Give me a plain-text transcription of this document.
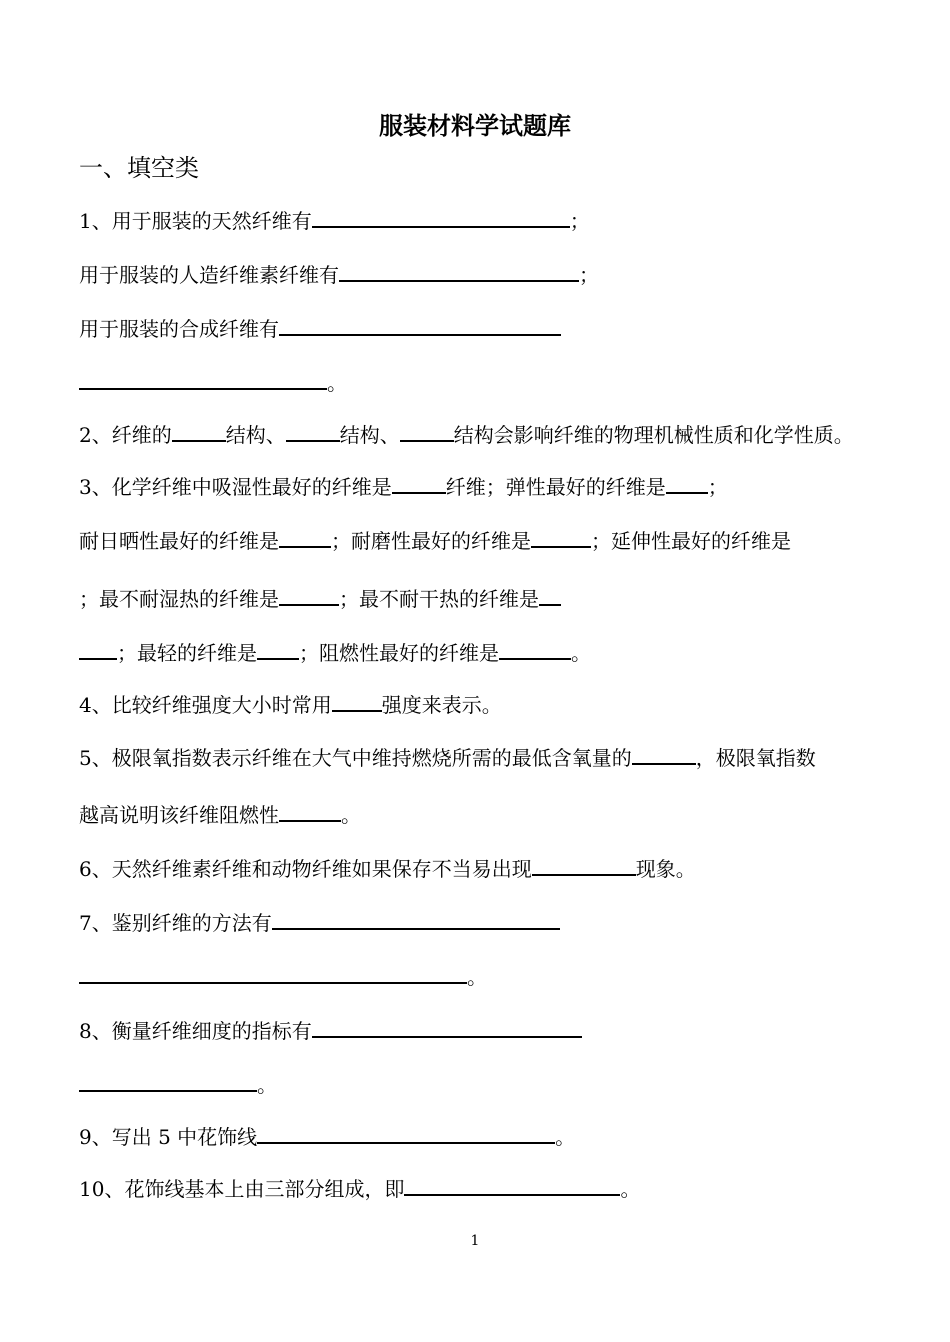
服装材料学试题库
一、填空类
1、用于服装的天然纤维有	；
用于服装的人造纤维素纤维有	；
用于服装的合成纤维有
。
2、纤维的	结构、	结构、	结构会影响纤维的物理机械性质和化学性质。
3、化学纤维中吸湿性最好的纤维是	纤维；弹性最好的纤维是 ；
耐日晒性最好的纤维是	；耐磨性最好的纤维是	；延伸性最好的纤维是
；最不耐湿热的纤维是	；最不耐干热的纤维是
；最轻的纤维是 ；阻燃性最好的纤维是	。
4、比较纤维强度大小时常用	强度来表示。
5、极限氧指数表示纤维在大气中维持燃烧所需的最低含氧量的	，极限氧指数
越高说明该纤维阻燃性	。
6、天然纤维素纤维和动物纤维如果保存不当易出现	现象。
7、鉴别纤维的方法有
。
8、衡量纤维细度的指标有
。
9、写出 5 中花饰线	。
10、花饰线基本上由三部分组成，即	。
1
